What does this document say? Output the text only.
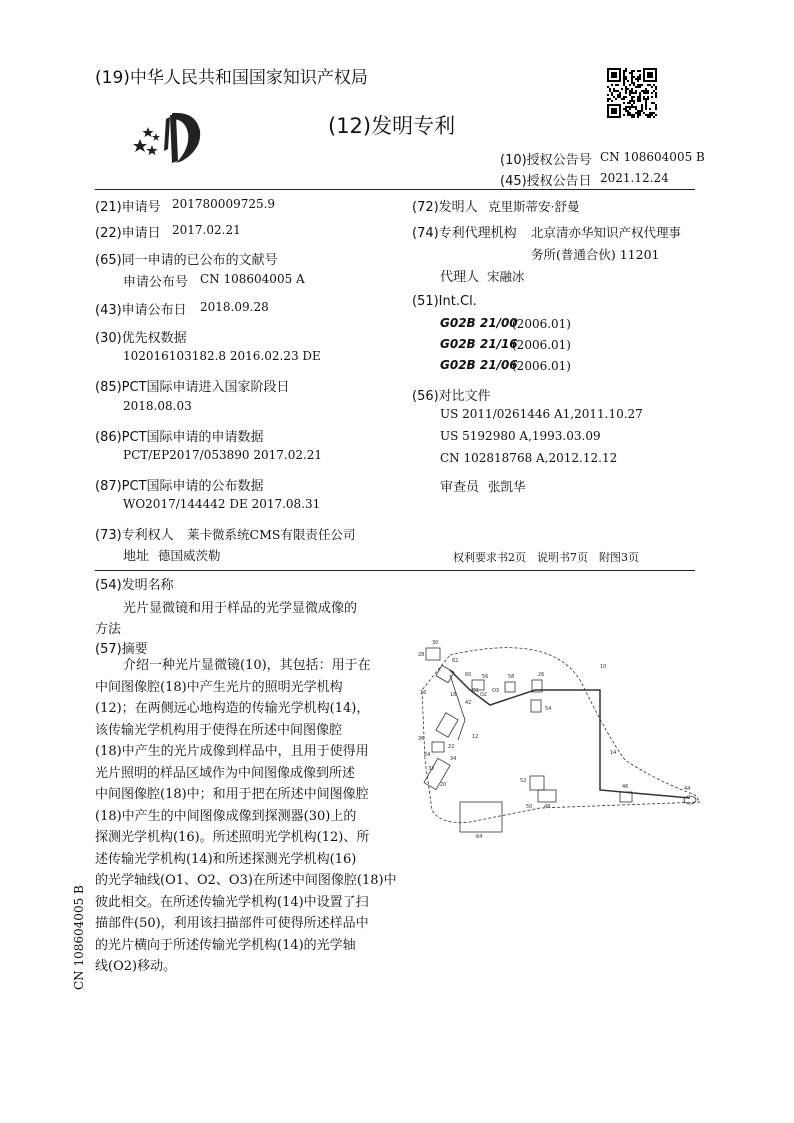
(19)中华人民共和国国家知识产权局
(12)发明专利
(10)授权公告号 CN 108604005 B
(45)授权公告日 2021.12.24
(21)申请号 201780009725.9
(22)申请日 2017.02.21
(65)同一申请的已公布的文献号
申请公布号 CN 108604005 A
(43)申请公布日 2018.09.28
(30)优先权数据
102016103182.8 2016.02.23 DE
(85)PCT国际申请进入国家阶段日
2018.08.03
(86)PCT国际申请的申请数据
PCT/EP2017/053890 2017.02.21
(87)PCT国际申请的公布数据
WO2017/144442 DE 2017.08.31
(73)专利权人 莱卡微系统CMS有限责任公司
地址 德国威茨勒
(72)发明人 克里斯蒂安·舒曼
(74)专利代理机构 北京清亦华知识产权代理事
务所(普通合伙) 11201
代理人 宋融冰
(51)Int.Cl.
G02B 21/00
(2006.01)
G02B 21/16
(2006.01)
G02B 21/06
(2006.01)
(56)对比文件
US 2011/0261446 A1,2011.10.27
US 5192980 A,1993.03.09
CN 102818768 A,2012.12.12
审查员 张凯华
权利要求书2页　说明书7页　附图3页
(54)发明名称
光片显微镜和用于样品的光学显微成像的
方法
(57)摘要
介绍一种光片显微镜(10)，其包括：用于在
中间图像腔(18)中产生光片的照明光学机构
(12)；在两侧远心地构造的传输光学机构(14)，
该传输光学机构用于使得在所述中间图像腔
(18)中产生的光片成像到样品中，且用于使得用
光片照明的样品区域作为中间图像成像到所述
中间图像腔(18)中；和用于把在所述中间图像腔
(18)中产生的中间图像成像到探测器(30)上的
探测光学机构(16)。所述照明光学机构(12)、所
述传输光学机构(14)和所述探测光学机构(16)
的光学轴线(O1、O2、O3)在所述中间图像腔(18)中
彼此相交。在所述传输光学机构(14)中设置了扫
描部件(50)，利用该扫描部件可使得所述样品中
的光片横向于所述传输光学机构(14)的光学轴
线(O2)移动。
CN 108604005 B
30
28
62
16
60 56	58	26
10
54
18
42
36	12
24
22
34
32
20
14
52
50 48
46	44
64
O1
O2
O3
